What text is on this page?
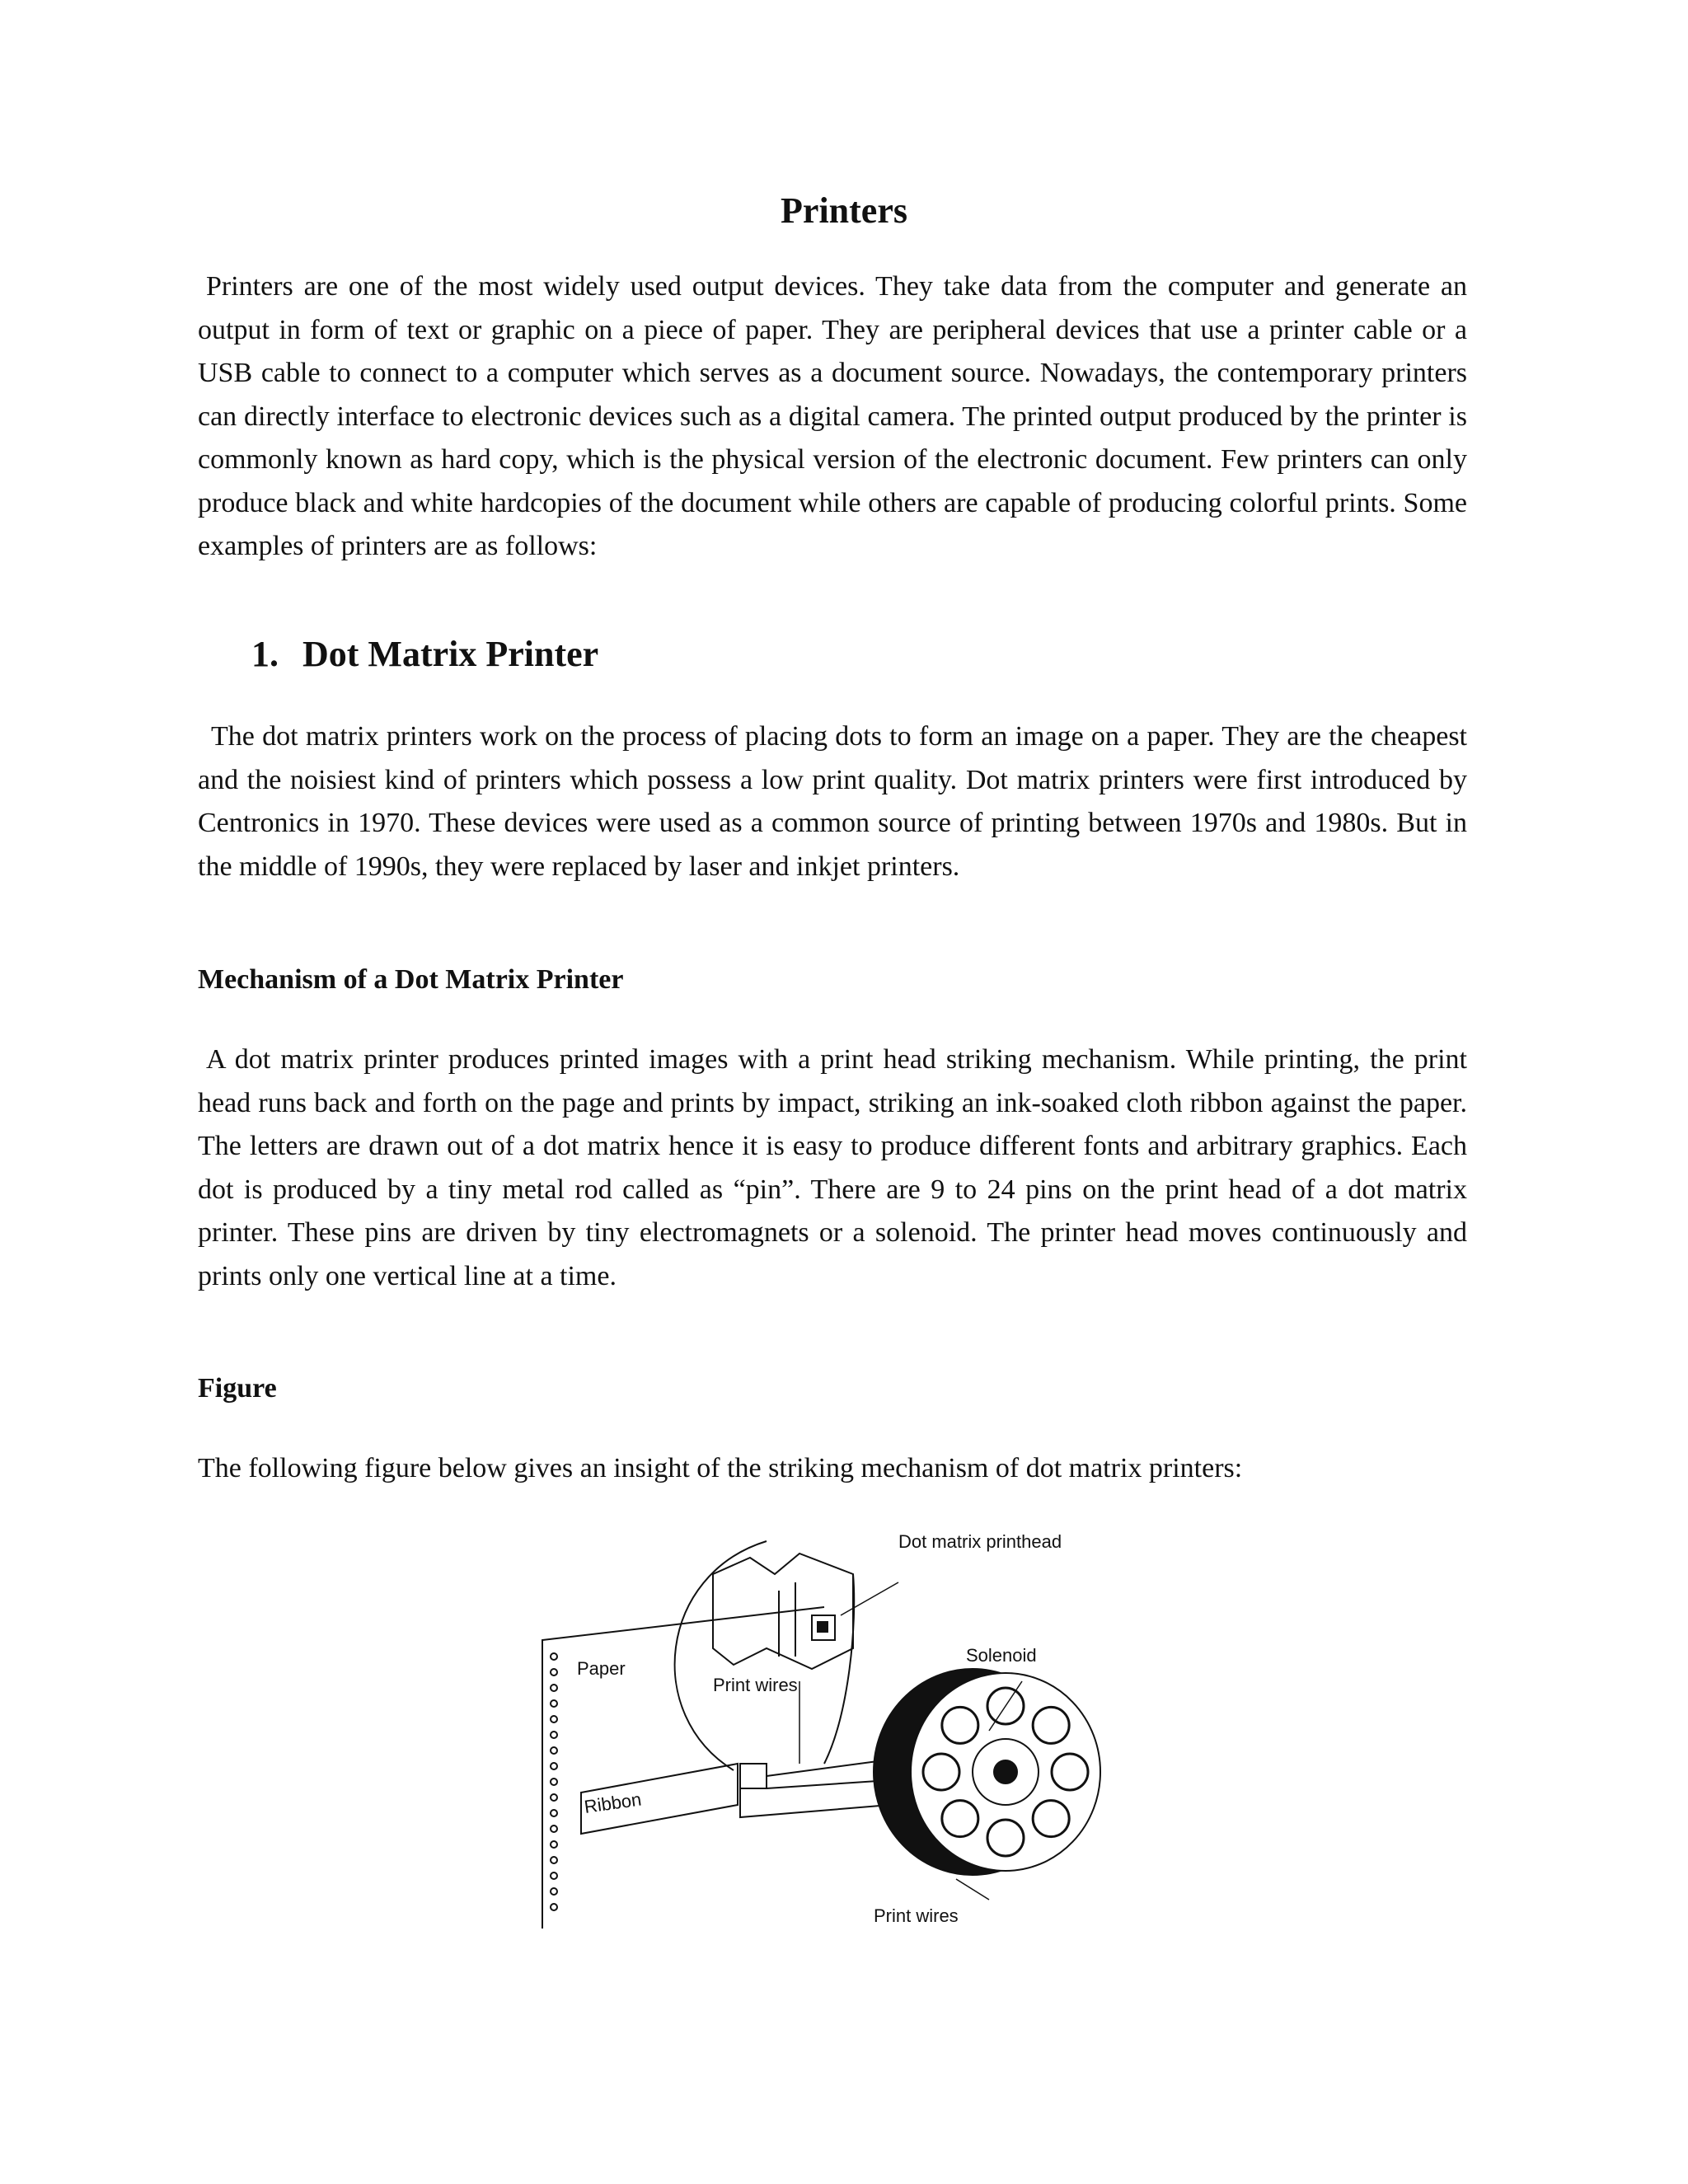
Printers

Printers are one of the most widely used output devices. They take data from the computer and generate an output in form of text or graphic on a piece of paper. They are peripheral devices that use a printer cable or a USB cable to connect to a computer which serves as a document source. Nowadays, the contemporary printers can directly interface to electronic devices such as a digital camera. The printed output produced by the printer is commonly known as hard copy, which is the physical version of the electronic document. Few printers can only produce black and white hardcopies of the document while others are capable of producing colorful prints. Some examples of printers are as follows:

1. Dot Matrix Printer

The dot matrix printers work on the process of placing dots to form an image on a paper. They are the cheapest and the noisiest kind of printers which possess a low print quality. Dot matrix printers were first introduced by Centronics in 1970. These devices were used as a common source of printing between 1970s and 1980s. But in the middle of 1990s, they were replaced by laser and inkjet printers.

Mechanism of a Dot Matrix Printer

A dot matrix printer produces printed images with a print head striking mechanism. While printing, the print head runs back and forth on the page and prints by impact, striking an ink-soaked cloth ribbon against the paper. The letters are drawn out of a dot matrix hence it is easy to produce different fonts and arbitrary graphics. Each dot is produced by a tiny metal rod called as “pin”. There are 9 to 24 pins on the print head of a dot matrix printer. These pins are driven by tiny electromagnets or a solenoid. The printer head moves continuously and prints only one vertical line at a time.

Figure

The following figure below gives an insight of the striking mechanism of dot matrix printers:

Dot matrix printhead
Paper
Print wires
Solenoid
Ribbon
Print wires
